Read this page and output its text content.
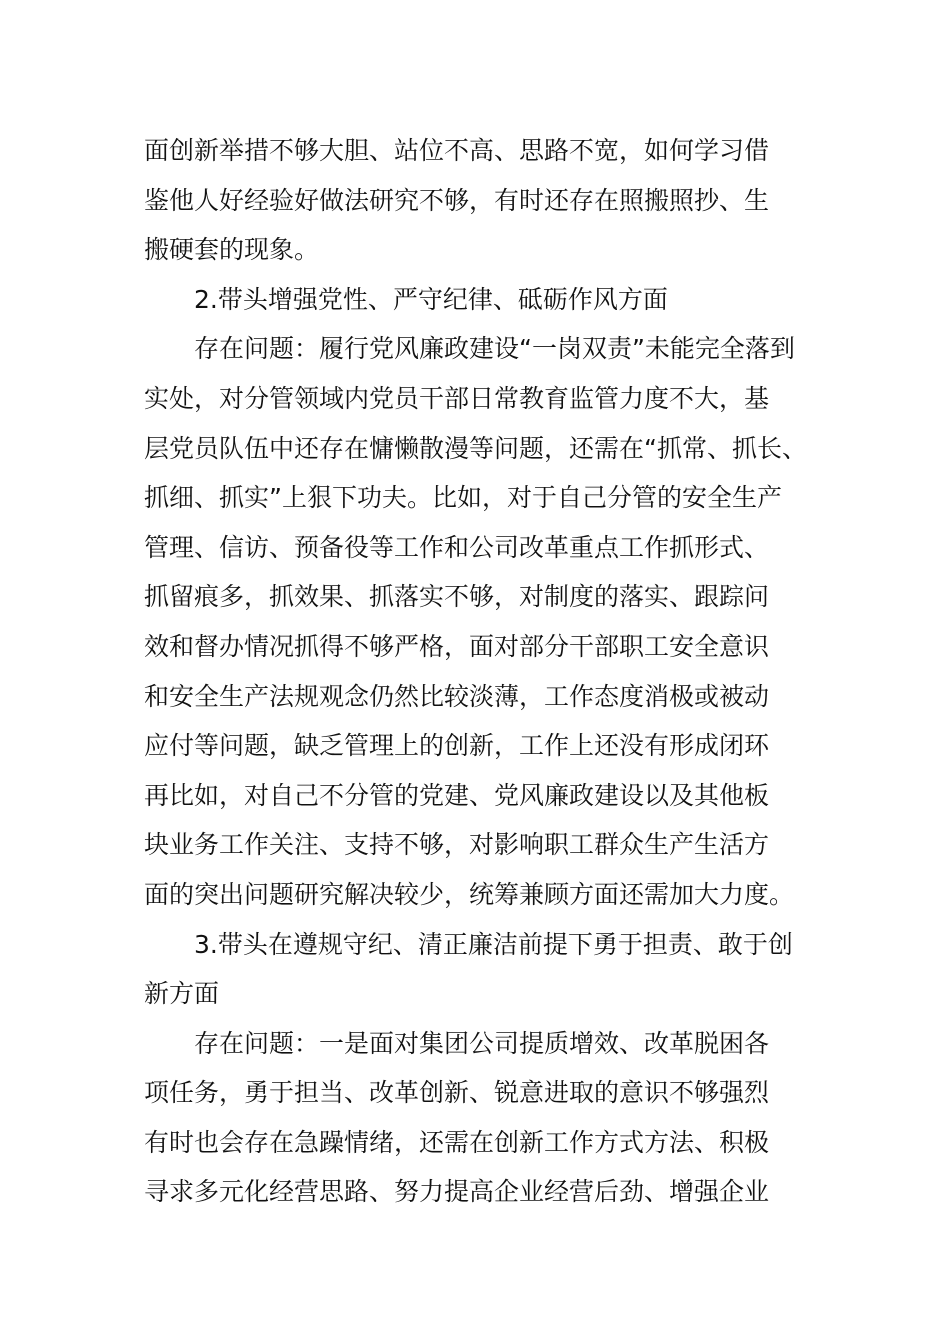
面创新举措不够大胆、站位不高、思路不宽，如何学习借
鉴他人好经验好做法研究不够，有时还存在照搬照抄、生
搬硬套的现象。
2.带头增强党性、严守纪律、砥砺作风方面
存在问题：履行党风廉政建设“一岗双责”未能完全落到
实处，对分管领域内党员干部日常教育监管力度不大，基
层党员队伍中还存在慵懒散漫等问题，还需在“抓常、抓长、
抓细、抓实”上狠下功夫。比如，对于自己分管的安全生产
管理、信访、预备役等工作和公司改革重点工作抓形式、
抓留痕多，抓效果、抓落实不够，对制度的落实、跟踪问
效和督办情况抓得不够严格，面对部分干部职工安全意识
和安全生产法规观念仍然比较淡薄，工作态度消极或被动
应付等问题，缺乏管理上的创新，工作上还没有形成闭环
再比如，对自己不分管的党建、党风廉政建设以及其他板
块业务工作关注、支持不够，对影响职工群众生产生活方
面的突出问题研究解决较少，统筹兼顾方面还需加大力度。
3.带头在遵规守纪、清正廉洁前提下勇于担责、敢于创
新方面
存在问题：一是面对集团公司提质增效、改革脱困各
项任务，勇于担当、改革创新、锐意进取的意识不够强烈
有时也会存在急躁情绪，还需在创新工作方式方法、积极
寻求多元化经营思路、努力提高企业经营后劲、增强企业
